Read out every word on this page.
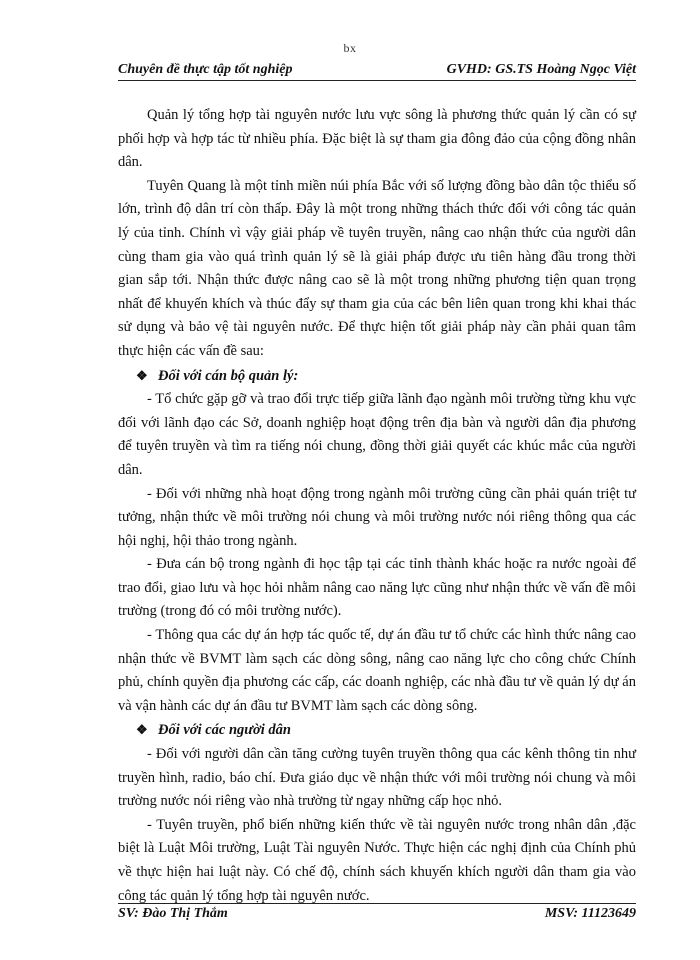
bx
Chuyên đề thực tập tốt nghiệp	GVHD: GS.TS Hoàng Ngọc Việt

Quản lý tổng hợp tài nguyên nước lưu vực sông là phương thức quản lý cần có sự phối hợp và hợp tác từ nhiều phía. Đặc biệt là sự tham gia đông đảo của cộng đồng nhân dân.

Tuyên Quang là một tỉnh miền núi phía Bắc với số lượng đồng bào dân tộc thiểu số lớn, trình độ dân trí còn thấp. Đây là một trong những thách thức đối với công tác quản lý của tỉnh. Chính vì vậy giải pháp về tuyên truyền, nâng cao nhận thức của người dân cùng tham gia vào quá trình quản lý sẽ là giải pháp được ưu tiên hàng đầu trong thời gian sắp tới. Nhận thức được nâng cao sẽ là một trong những phương tiện quan trọng nhất để khuyến khích và thúc đẩy sự tham gia của các bên liên quan trong khi khai thác sử dụng và bảo vệ tài nguyên nước. Để thực hiện tốt giải pháp này cần phải quan tâm thực hiện các vấn đề sau:

❖ Đối với cán bộ quản lý:

- Tổ chức gặp gỡ và trao đổi trực tiếp giữa lãnh đạo ngành môi trường từng khu vực đối với lãnh đạo các Sở, doanh nghiệp hoạt động trên địa bàn và người dân địa phương để tuyên truyền và tìm ra tiếng nói chung, đồng thời giải quyết các khúc mắc của người dân.

- Đối với những nhà hoạt động trong ngành môi trường cũng cần phải quán triệt tư tưởng, nhận thức về môi trường nói chung và môi trường nước nói riêng thông qua các hội nghị, hội thảo trong ngành.

- Đưa cán bộ trong ngành đi học tập tại các tỉnh thành khác hoặc ra nước ngoài để trao đổi, giao lưu và học hỏi nhằm nâng cao năng lực cũng như nhận thức về vấn đề môi trường (trong đó có môi trường nước).

- Thông qua các dự án hợp tác quốc tế, dự án đầu tư tổ chức các hình thức nâng cao nhận thức về BVMT làm sạch các dòng sông, nâng cao năng lực cho công chức Chính phủ, chính quyền địa phương các cấp, các doanh nghiệp, các nhà đầu tư về quản lý dự án và vận hành các dự án đầu tư BVMT làm sạch các dòng sông.

❖ Đối với các người dân

- Đối với người dân cần tăng cường tuyên truyền thông qua các kênh thông tin như truyền hình, radio, báo chí. Đưa giáo dục về nhận thức với môi trường nói chung và môi trường nước nói riêng vào nhà trường từ ngay những cấp học nhỏ.

- Tuyên truyền, phổ biến những kiến thức về tài nguyên nước trong nhân dân ,đặc biệt là Luật Môi trường, Luật Tài nguyên Nước. Thực hiện các nghị định của Chính phủ về thực hiện hai luật này. Có chế độ, chính sách khuyến khích người dân tham gia vào công tác quản lý tổng hợp tài nguyên nước.

SV: Đào Thị Thắm	MSV: 11123649
